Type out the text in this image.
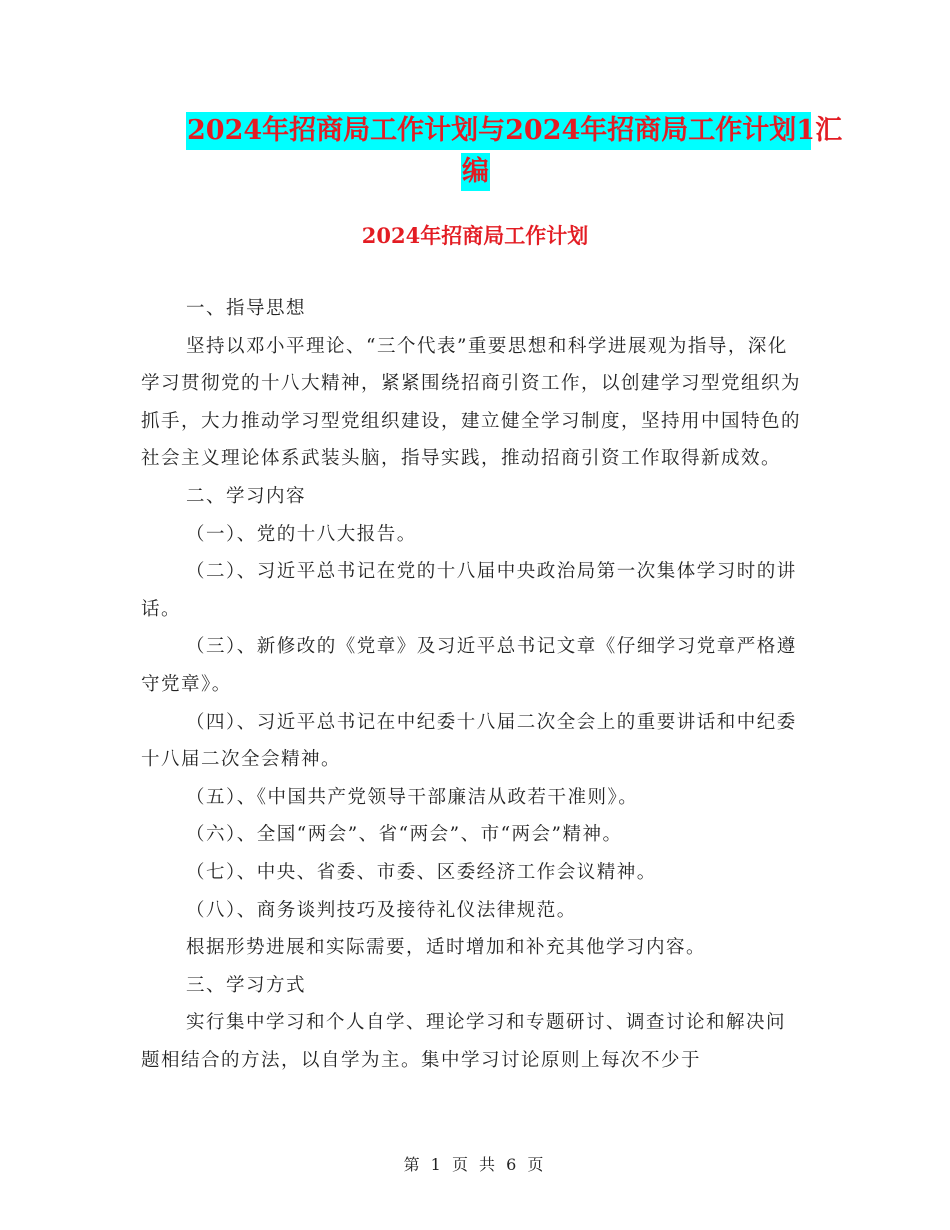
2024年招商局工作计划与2024年招商局工作计划1汇
编
2024年招商局工作计划

一、指导思想

坚持以邓小平理论、“三个代表”重要思想和科学进展观为指导，深化学习贯彻党的十八大精神，紧紧围绕招商引资工作，以创建学习型党组织为抓手，大力推动学习型党组织建设，建立健全学习制度，坚持用中国特色的社会主义理论体系武装头脑，指导实践，推动招商引资工作取得新成效。

二、学习内容

（一）、党的十八大报告。

（二）、习近平总书记在党的十八届中央政治局第一次集体学习时的讲话。

（三）、新修改的《党章》及习近平总书记文章《仔细学习党章严格遵守党章》。

（四）、习近平总书记在中纪委十八届二次全会上的重要讲话和中纪委十八届二次全会精神。

（五）、《中国共产党领导干部廉洁从政若干准则》。

（六）、全国“两会”、省“两会”、市“两会”精神。

（七）、中央、省委、市委、区委经济工作会议精神。

（八）、商务谈判技巧及接待礼仪法律规范。

根据形势进展和实际需要，适时增加和补充其他学习内容。

三、学习方式

实行集中学习和个人自学、理论学习和专题研讨、调查讨论和解决问题相结合的方法，以自学为主。集中学习讨论原则上每次不少于

第 1 页 共 6 页
